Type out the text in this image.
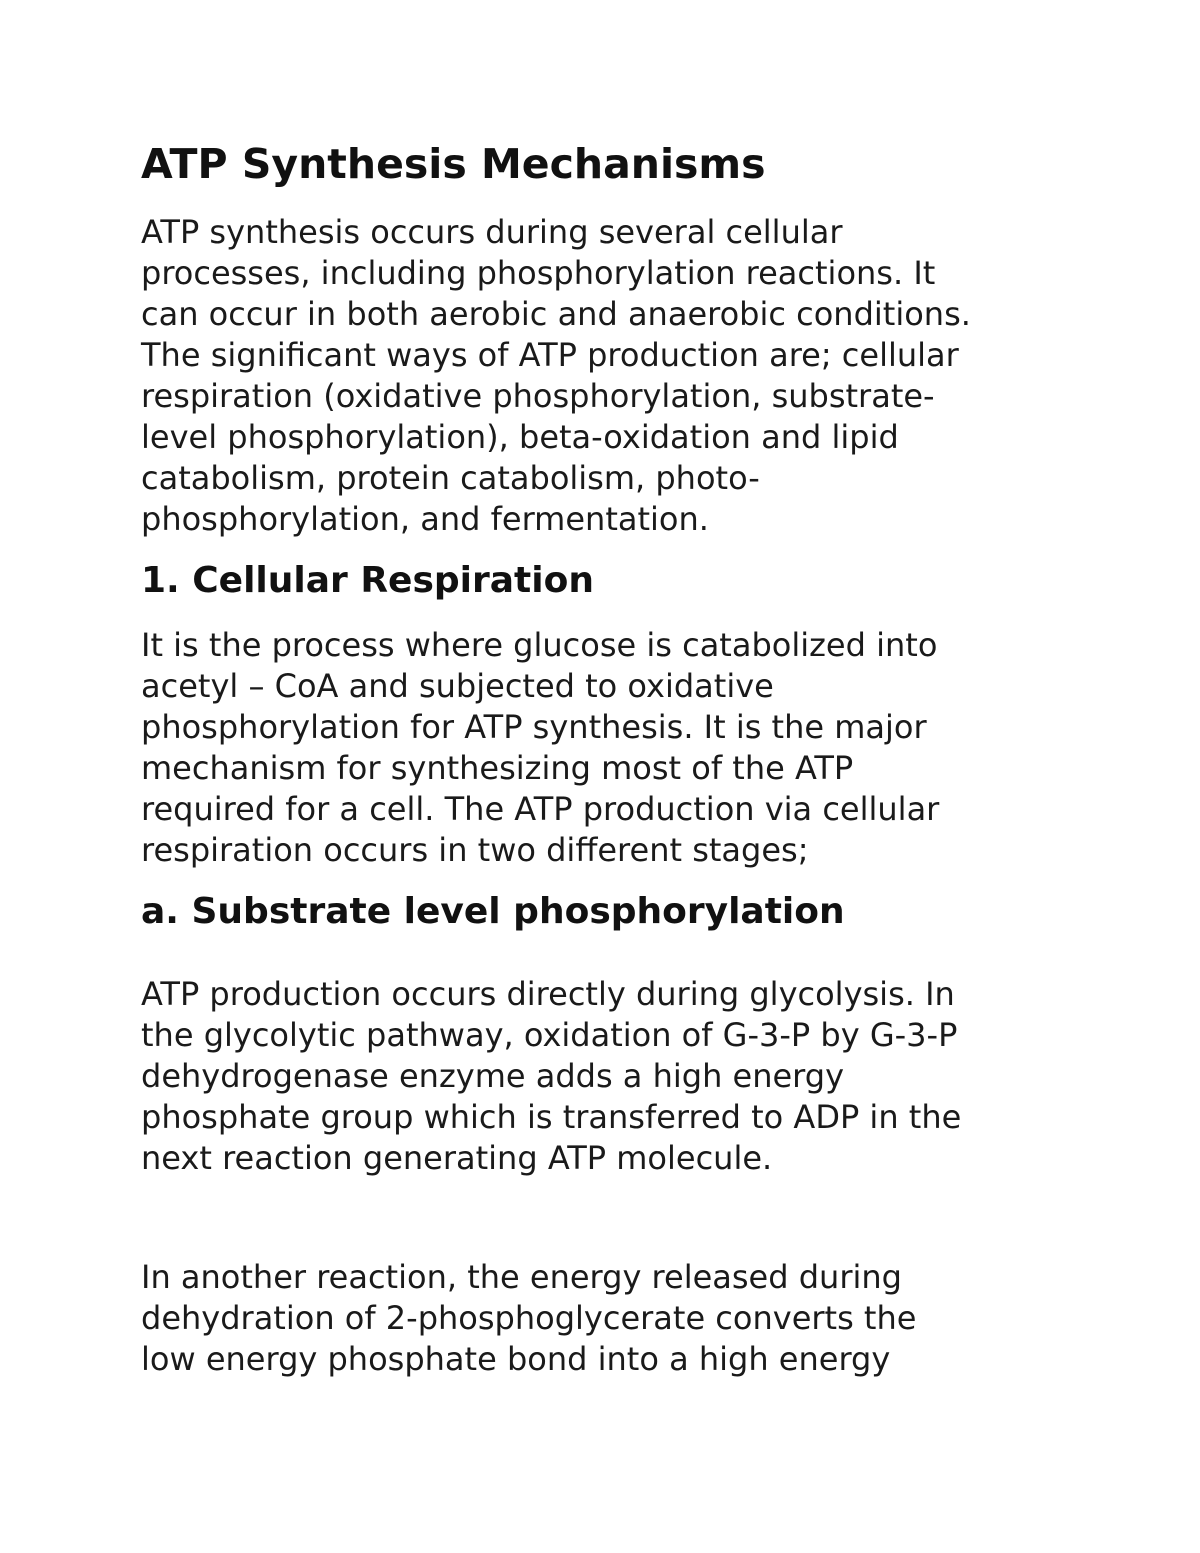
ATP Synthesis Mechanisms

ATP synthesis occurs during several cellular
processes, including phosphorylation reactions. It
can occur in both aerobic and anaerobic conditions.
The significant ways of ATP production are; cellular
respiration (oxidative phosphorylation, substrate-
level phosphorylation), beta-oxidation and lipid
catabolism, protein catabolism, photo-
phosphorylation, and fermentation.

1. Cellular Respiration

It is the process where glucose is catabolized into
acetyl – CoA and subjected to oxidative
phosphorylation for ATP synthesis. It is the major
mechanism for synthesizing most of the ATP
required for a cell. The ATP production via cellular
respiration occurs in two different stages;

a. Substrate level phosphorylation

ATP production occurs directly during glycolysis. In
the glycolytic pathway, oxidation of G-3-P by G-3-P
dehydrogenase enzyme adds a high energy
phosphate group which is transferred to ADP in the
next reaction generating ATP molecule.

In another reaction, the energy released during
dehydration of 2-phosphoglycerate converts the
low energy phosphate bond into a high energy
